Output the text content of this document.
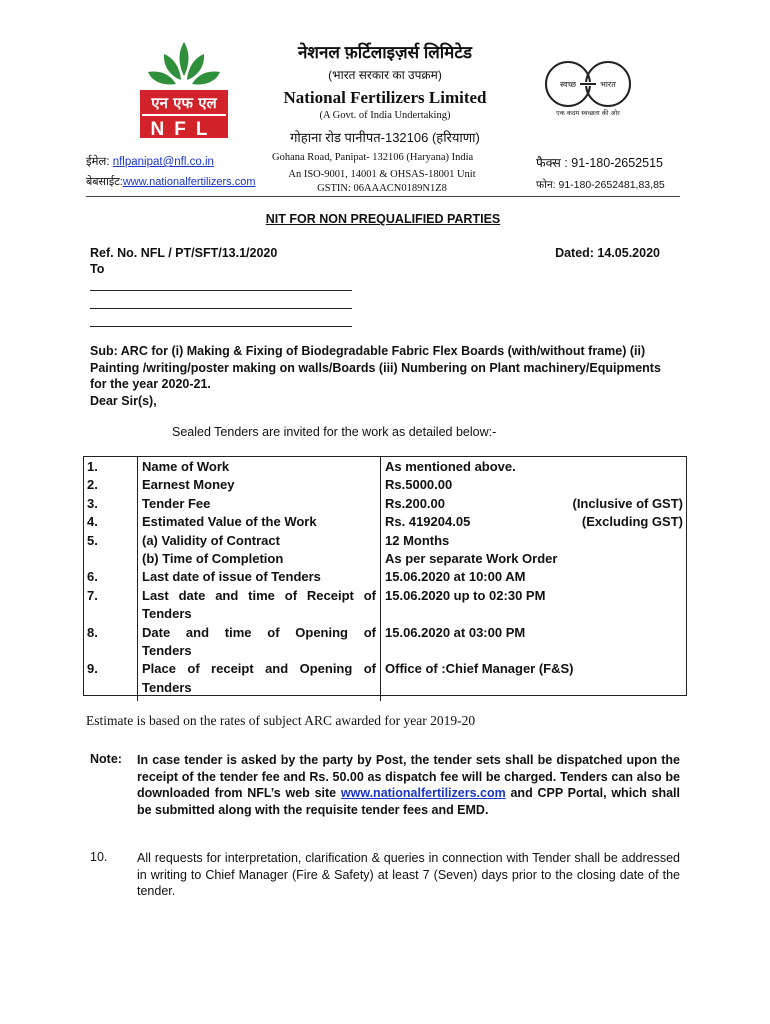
एन एफ एल
NFL
नेशनल फ़र्टिलाइज़र्स लिमिटेड
(भारत सरकार का उपक्रम)
National Fertilizers Limited
(A Govt. of India Undertaking)
गोहाना रोड पानीपत-132106 (हरियाणा)
स्वच्छ	भारत
एक कदम स्वच्छता की ओर
ईमेल: nflpanipat@nfl.co.in
बेबसाईट:www.nationalfertilizers.com
Gohana Road, Panipat- 132106 (Haryana) India
An ISO-9001, 14001 & OHSAS-18001 Unit
GSTIN: 06AAACN0189N1Z8
फैक्स : 91-180-2652515
फोन: 91-180-2652481,83,85
NIT FOR NON PREQUALIFIED PARTIES
Ref. No. NFL / PT/SFT/13.1/2020	Dated: 14.05.2020
To
Sub: ARC for (i) Making & Fixing of Biodegradable Fabric Flex Boards (with/without frame) (ii) Painting /writing/poster making on walls/Boards (iii) Numbering on Plant machinery/Equipments for the year 2020-21.
Dear Sir(s),
Sealed Tenders are invited for the work as detailed below:-
1.	Name of Work	As mentioned above.
2.	Earnest Money	Rs.5000.00
3.	Tender Fee	Rs.200.00 (Inclusive of GST)

4.	Estimated Value of the Work	Rs. 419204.05 (Excluding GST)

5.	(a) Validity of Contract	12 Months
	(b) Time of Completion	As per separate Work Order
6.	Last date of issue of Tenders	15.06.2020 at 10:00 AM
7.	Last date and time of Receipt of
Tenders	15.06.2020 up to 02:30 PM
8.	Date and time of Opening of
Tenders	15.06.2020 at 03:00 PM
9.	Place of receipt and Opening of
Tenders	Office of :Chief Manager (F&S)
Estimate is based on the rates of subject ARC awarded for year 2019-20
Note: In case tender is asked by the party by Post, the tender sets shall be dispatched upon the receipt of the tender fee and Rs. 50.00 as dispatch fee will be charged. Tenders can also be downloaded from NFL’s web site www.nationalfertilizers.com and CPP Portal, which shall be submitted along with the requisite tender fees and EMD.
10. All requests for interpretation, clarification & queries in connection with Tender shall be addressed in writing to Chief Manager (Fire & Safety) at least 7 (Seven) days prior to the closing date of the tender.
